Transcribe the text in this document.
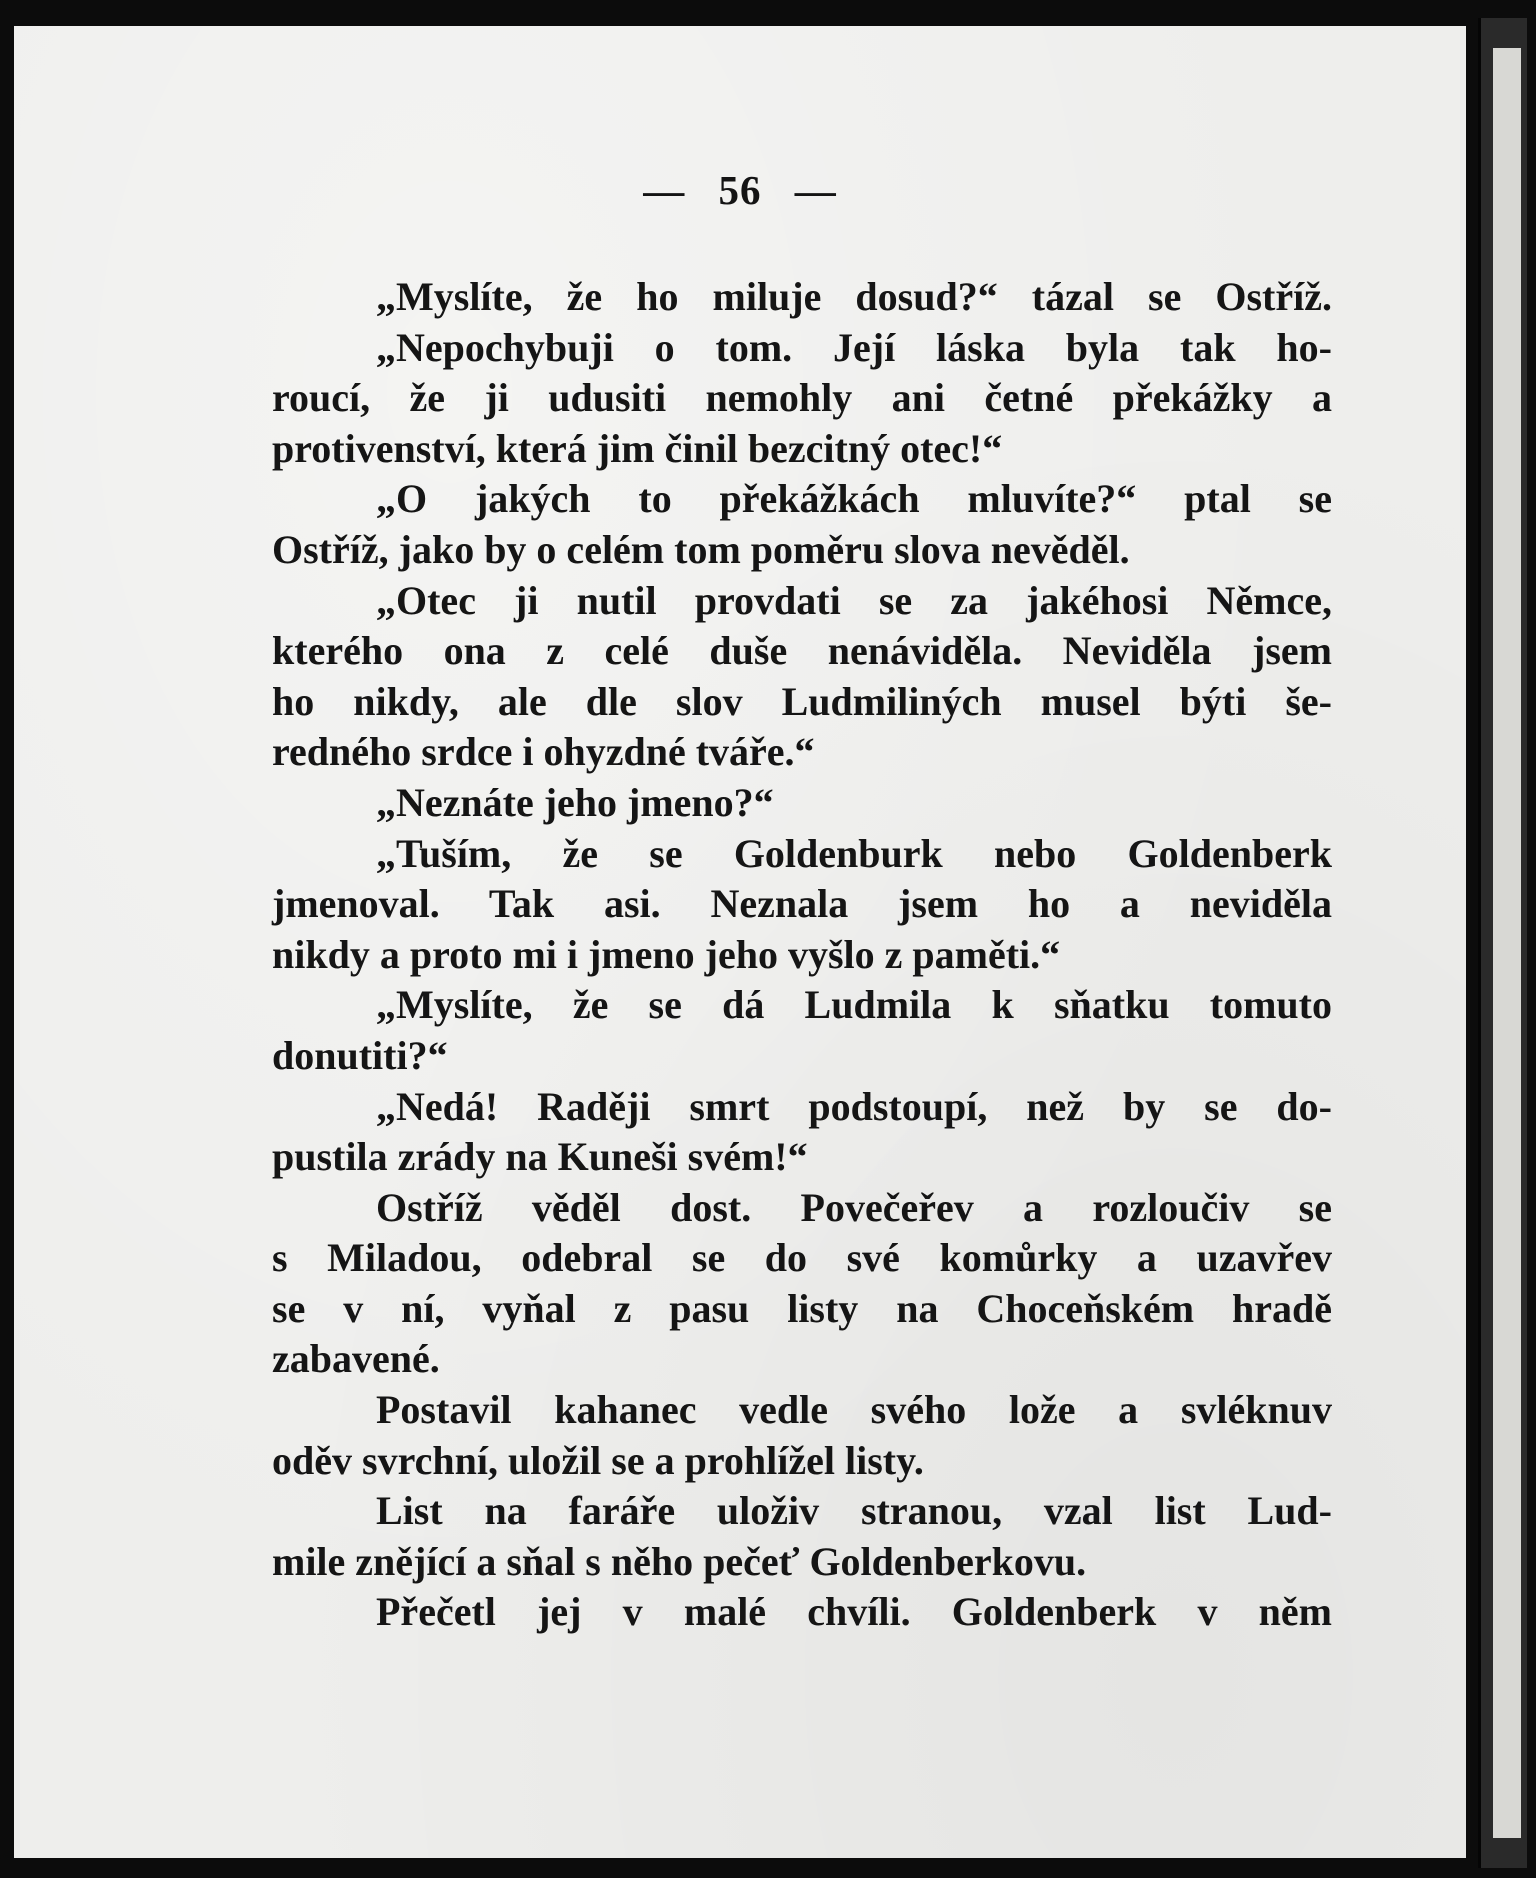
— 56 —
„Myslíte, že ho miluje dosud?“ tázal se Ostříž.
„Nepochybuji o tom. Její láska byla tak ho-
roucí, že ji udusiti nemohly ani četné překážky a
protivenství, která jim činil bezcitný otec!“
„O jakých to překážkách mluvíte?“ ptal se
Ostříž, jako by o celém tom poměru slova nevěděl.
„Otec ji nutil provdati se za jakéhosi Němce,
kterého ona z celé duše nenáviděla. Neviděla jsem
ho nikdy, ale dle slov Ludmiliných musel býti še-
redného srdce i ohyzdné tváře.“
„Neznáte jeho jmeno?“
„Tuším, že se Goldenburk nebo Goldenberk
jmenoval. Tak asi. Neznala jsem ho a neviděla
nikdy a proto mi i jmeno jeho vyšlo z paměti.“
„Myslíte, že se dá Ludmila k sňatku tomuto
donutiti?“
„Nedá! Raději smrt podstoupí, než by se do-
pustila zrády na Kuneši svém!“
Ostříž věděl dost. Povečeřev a rozloučiv se
s Miladou, odebral se do své komůrky a uzavřev
se v ní, vyňal z pasu listy na Choceňském hradě
zabavené.
Postavil kahanec vedle svého lože a svléknuv
oděv svrchní, uložil se a prohlížel listy.
List na faráře uloživ stranou, vzal list Lud-
mile znějící a sňal s něho pečeť Goldenberkovu.
Přečetl jej v malé chvíli. Goldenberk v něm
